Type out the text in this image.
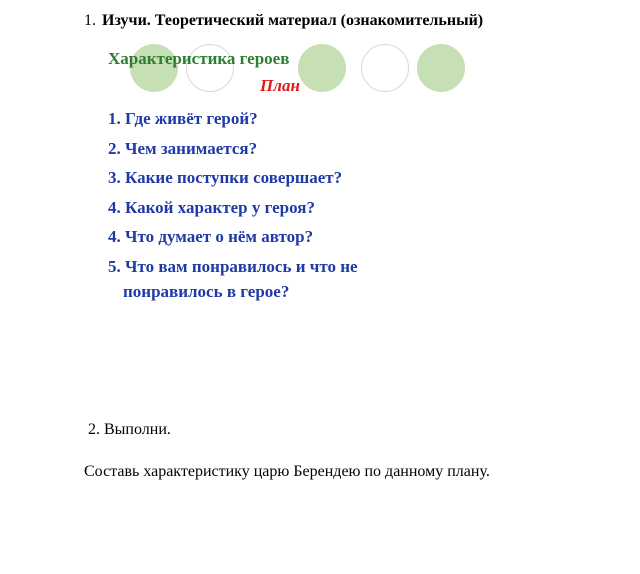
1. Изучи. Теоретический материал (ознакомительный)
Характеристика героев
План
1. Где живёт герой?
2. Чем занимается?
3. Какие поступки совершает?
4. Какой характер у героя?
4. Что думает о нём автор?
5. Что вам понравилось и что не понравилось в герое?
2. Выполни.
Составь характеристику царю Берендею по данному плану.
